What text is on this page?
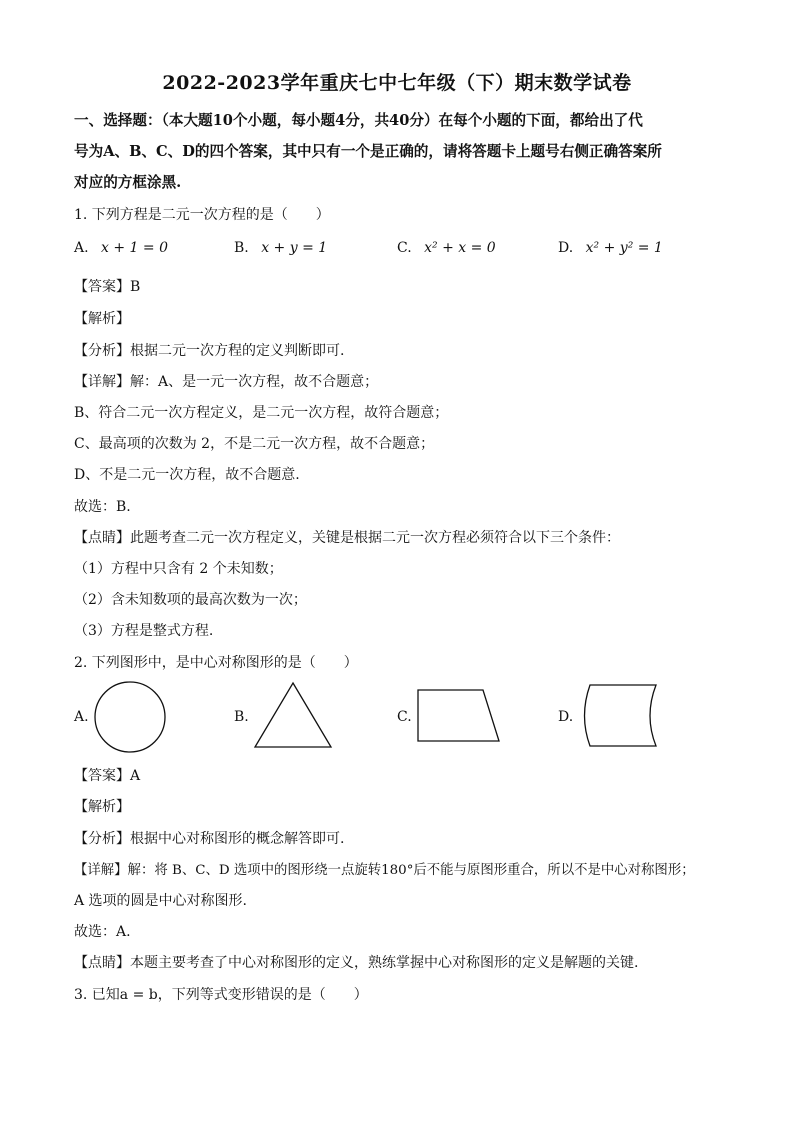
2022-2023学年重庆七中七年级（下）期末数学试卷
一、选择题：（本大题10个小题，每小题4分，共40分）在每个小题的下面，都给出了代
号为A、B、C、D的四个答案，其中只有一个是正确的，请将答题卡上题号右侧正确答案所
对应的方框涂黑.
1. 下列方程是二元一次方程的是（　　）
A. x + 1 = 0	B. x + y = 1	C. x² + x = 0	D. x² + y² = 1
【答案】B
【解析】
【分析】根据二元一次方程的定义判断即可.
【详解】解：A、是一元一次方程，故不合题意；
B、符合二元一次方程定义，是二元一次方程，故符合题意；
C、最高项的次数为 2，不是二元一次方程，故不合题意；
D、不是二元一次方程，故不合题意.
故选：B.
【点睛】此题考查二元一次方程定义，关键是根据二元一次方程必须符合以下三个条件：
（1）方程中只含有 2 个未知数；
（2）含未知数项的最高次数为一次；
（3）方程是整式方程.
2. 下列图形中，是中心对称图形的是（　　）
A.	B.	C.	D.
【答案】A
【解析】
【分析】根据中心对称图形的概念解答即可.
【详解】解：将 B、C、D 选项中的图形绕一点旋转180°后不能与原图形重合，所以不是中心对称图形；
A 选项的圆是中心对称图形.
故选：A.
【点睛】本题主要考查了中心对称图形的定义，熟练掌握中心对称图形的定义是解题的关键.
3. 已知a = b，下列等式变形错误的是（　　）
